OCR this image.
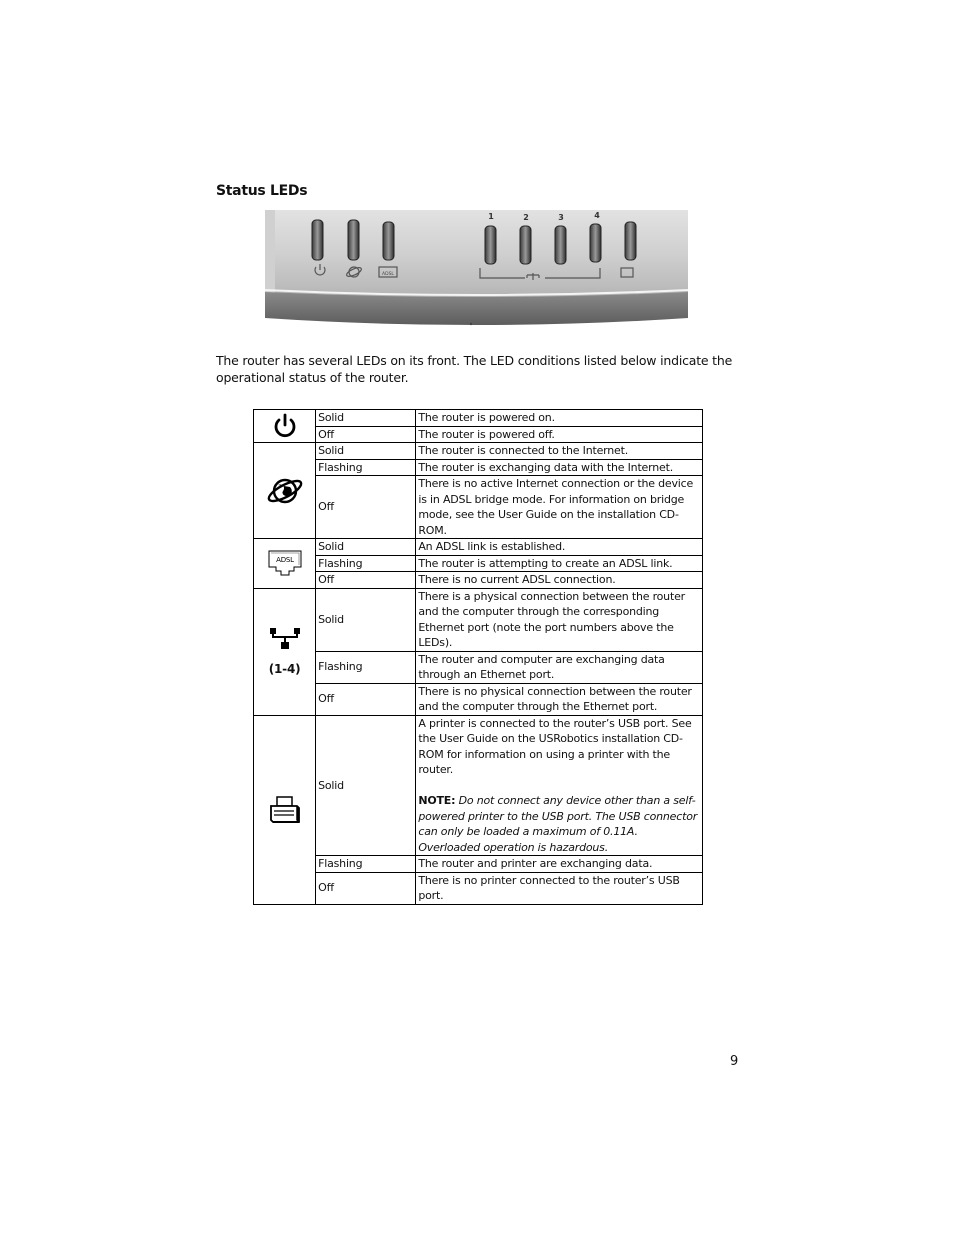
Status LEDs
1	2	3	4
ADSL
The router has several LEDs on its front. The LED conditions listed below indicate the operational status of the router.
	Solid	The router is powered on.
	Off	The router is powered off.

	Solid	The router is connected to the Internet.
	Flashing	The router is exchanging data with the Internet.
	Off	There is no active Internet connection or the device is in ADSL bridge mode. For information on bridge mode, see the User Guide on the installation CD-ROM.

ADSL	Solid	An ADSL link is established.
	Flashing	The router is attempting to create an ADSL link.
	Off	There is no current ADSL connection.

(1-4)	Solid	There is a physical connection between the router and the computer through the corresponding Ethernet port (note the port numbers above the LEDs).
	Flashing	The router and computer are exchanging data through an Ethernet port.
	Off	There is no physical connection between the router and the computer through the Ethernet port.

	Solid	A printer is connected to the router’s USB port. See the User Guide on the USRobotics installation CD-ROM for information on using a printer with the router.
NOTE: Do not connect any device other than a self-powered printer to the USB port. The USB connector can only be loaded a maximum of 0.11A. Overloaded operation is hazardous.

	Flashing	The router and printer are exchanging data.
	Off	There is no printer connected to the router’s USB port.
9
